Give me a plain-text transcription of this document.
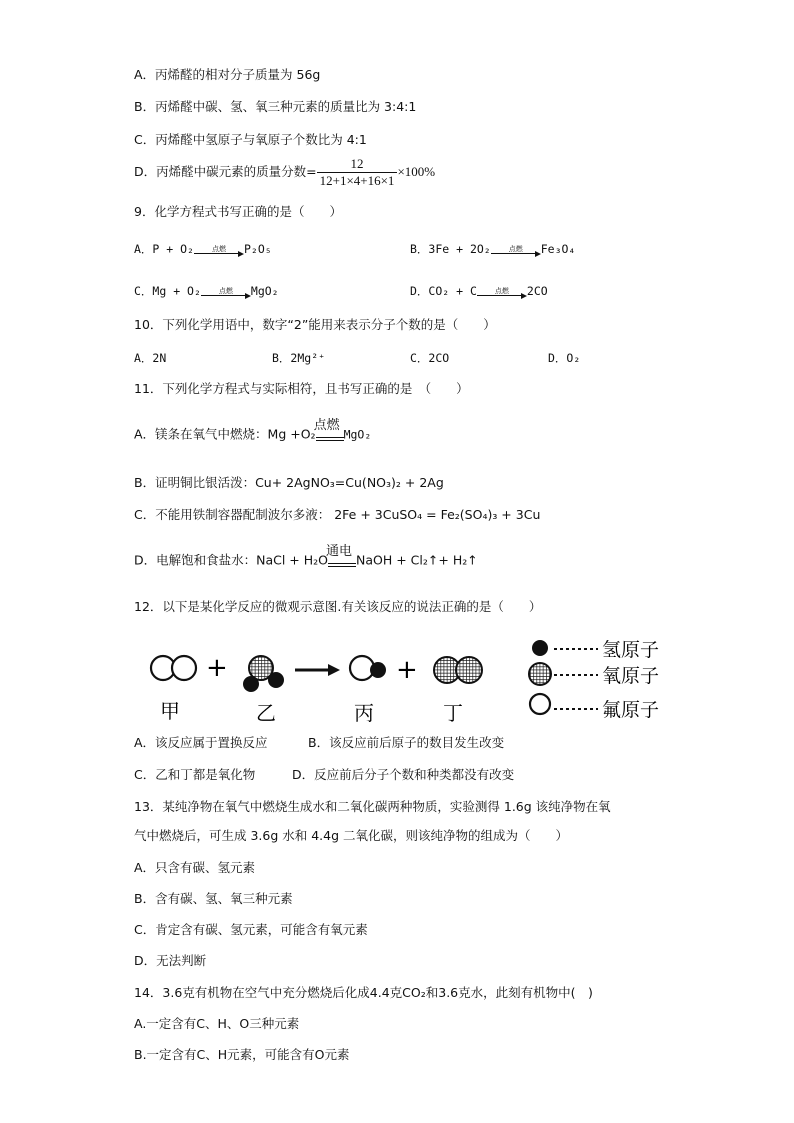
A．丙烯醛的相对分子质量为 56g
B．丙烯醛中碳、氢、氧三种元素的质量比为 3:4:1
C．丙烯醛中氢原子与氧原子个数比为 4:1
D．丙烯醛中碳元素的质量分数= $\frac{12}{12+1\times 4+16\times 1} \times 100\%$
9．化学方程式书写正确的是（　　）
A．P + O₂	点燃	P₂O₅	B．3Fe + 2O₂	点燃	Fe₃O₄
C．Mg + O₂	点燃	MgO₂	D．CO₂ + C	点燃	2CO
10．下列化学用语中，数字“2”能用来表示分子个数的是（　　）
A．2N	B．2Mg²⁺	C．2CO	D．O₂
11．下列化学方程式与实际相符，且书写正确的是　（　　）
A．镁条在氧气中燃烧：Mg +O₂
点燃
MgO₂
B．证明铜比银活泼：Cu+ 2AgNO₃=Cu(NO₃)₂ + 2Ag
C．不能用铁制容器配制波尔多液： 2Fe + 3CuSO₄ = Fe₂(SO₄)₃ + 3Cu
D．电解饱和食盐水：NaCl + H₂O
通电
NaOH + Cl₂↑+ H₂↑
12．以下是某化学反应的微观示意图.有关该反应的说法正确的是（　　）
+	+
甲	乙	丙	丁
氢原子
氧原子
氟原子
A．该反应属于置换反应	B．该反应前后原子的数目发生改变
C．乙和丁都是氧化物	D．反应前后分子个数和种类都没有改变
13．某纯净物在氧气中燃烧生成水和二氧化碳两种物质，实验测得 1.6g 该纯净物在氧
气中燃烧后，可生成 3.6g 水和 4.4g 二氧化碳，则该纯净物的组成为（　　）
A．只含有碳、氢元素
B．含有碳、氢、氧三种元素
C．肯定含有碳、氢元素，可能含有氧元素
D．无法判断
14．3.6克有机物在空气中充分燃烧后化成4.4克CO₂和3.6克水，此刻有机物中(　)
A.一定含有C、H、O三种元素
B.一定含有C、H元素，可能含有O元素
